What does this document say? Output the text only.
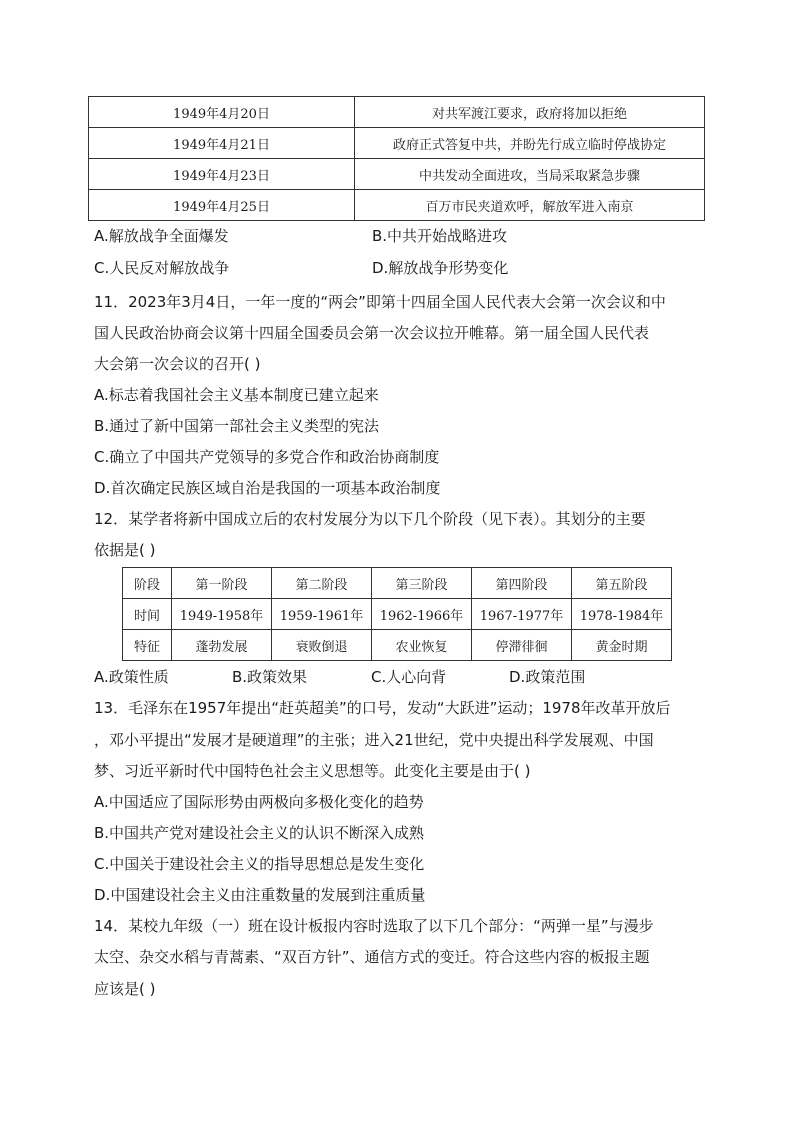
1949年4月20日	对共军渡江要求，政府将加以拒绝
1949年4月21日	政府正式答复中共，并盼先行成立临时停战协定
1949年4月23日	中共发动全面进攻，当局采取紧急步骤
1949年4月25日	百万市民夹道欢呼，解放军进入南京
A.解放战争全面爆发	B.中共开始战略进攻
C.人民反对解放战争	D.解放战争形势变化
11．2023年3月4日，一年一度的“两会”即第十四届全国人民代表大会第一次会议和中
国人民政治协商会议第十四届全国委员会第一次会议拉开帷幕。第一届全国人民代表
大会第一次会议的召开( )
A.标志着我国社会主义基本制度已建立起来
B.通过了新中国第一部社会主义类型的宪法
C.确立了中国共产党领导的多党合作和政治协商制度
D.首次确定民族区域自治是我国的一项基本政治制度
12．某学者将新中国成立后的农村发展分为以下几个阶段（见下表）。其划分的主要
依据是( )
阶段	第一阶段	第二阶段	第三阶段	第四阶段	第五阶段
时间	1949-1958年	1959-1961年	1962-1966年	1967-1977年	1978-1984年
特征	蓬勃发展	衰败倒退	农业恢复	停滞徘徊	黄金时期
A.政策性质	B.政策效果	C.人心向背	D.政策范围
13．毛泽东在1957年提出“赶英超美”的口号，发动“大跃进”运动；1978年改革开放后
，邓小平提出“发展才是硬道理”的主张；进入21世纪，党中央提出科学发展观、中国
梦、习近平新时代中国特色社会主义思想等。此变化主要是由于( )
A.中国适应了国际形势由两极向多极化变化的趋势
B.中国共产党对建设社会主义的认识不断深入成熟
C.中国关于建设社会主义的指导思想总是发生变化
D.中国建设社会主义由注重数量的发展到注重质量
14．某校九年级（一）班在设计板报内容时选取了以下几个部分：“两弹一星”与漫步
太空、杂交水稻与青蒿素、“双百方针”、通信方式的变迁。符合这些内容的板报主题
应该是( )
